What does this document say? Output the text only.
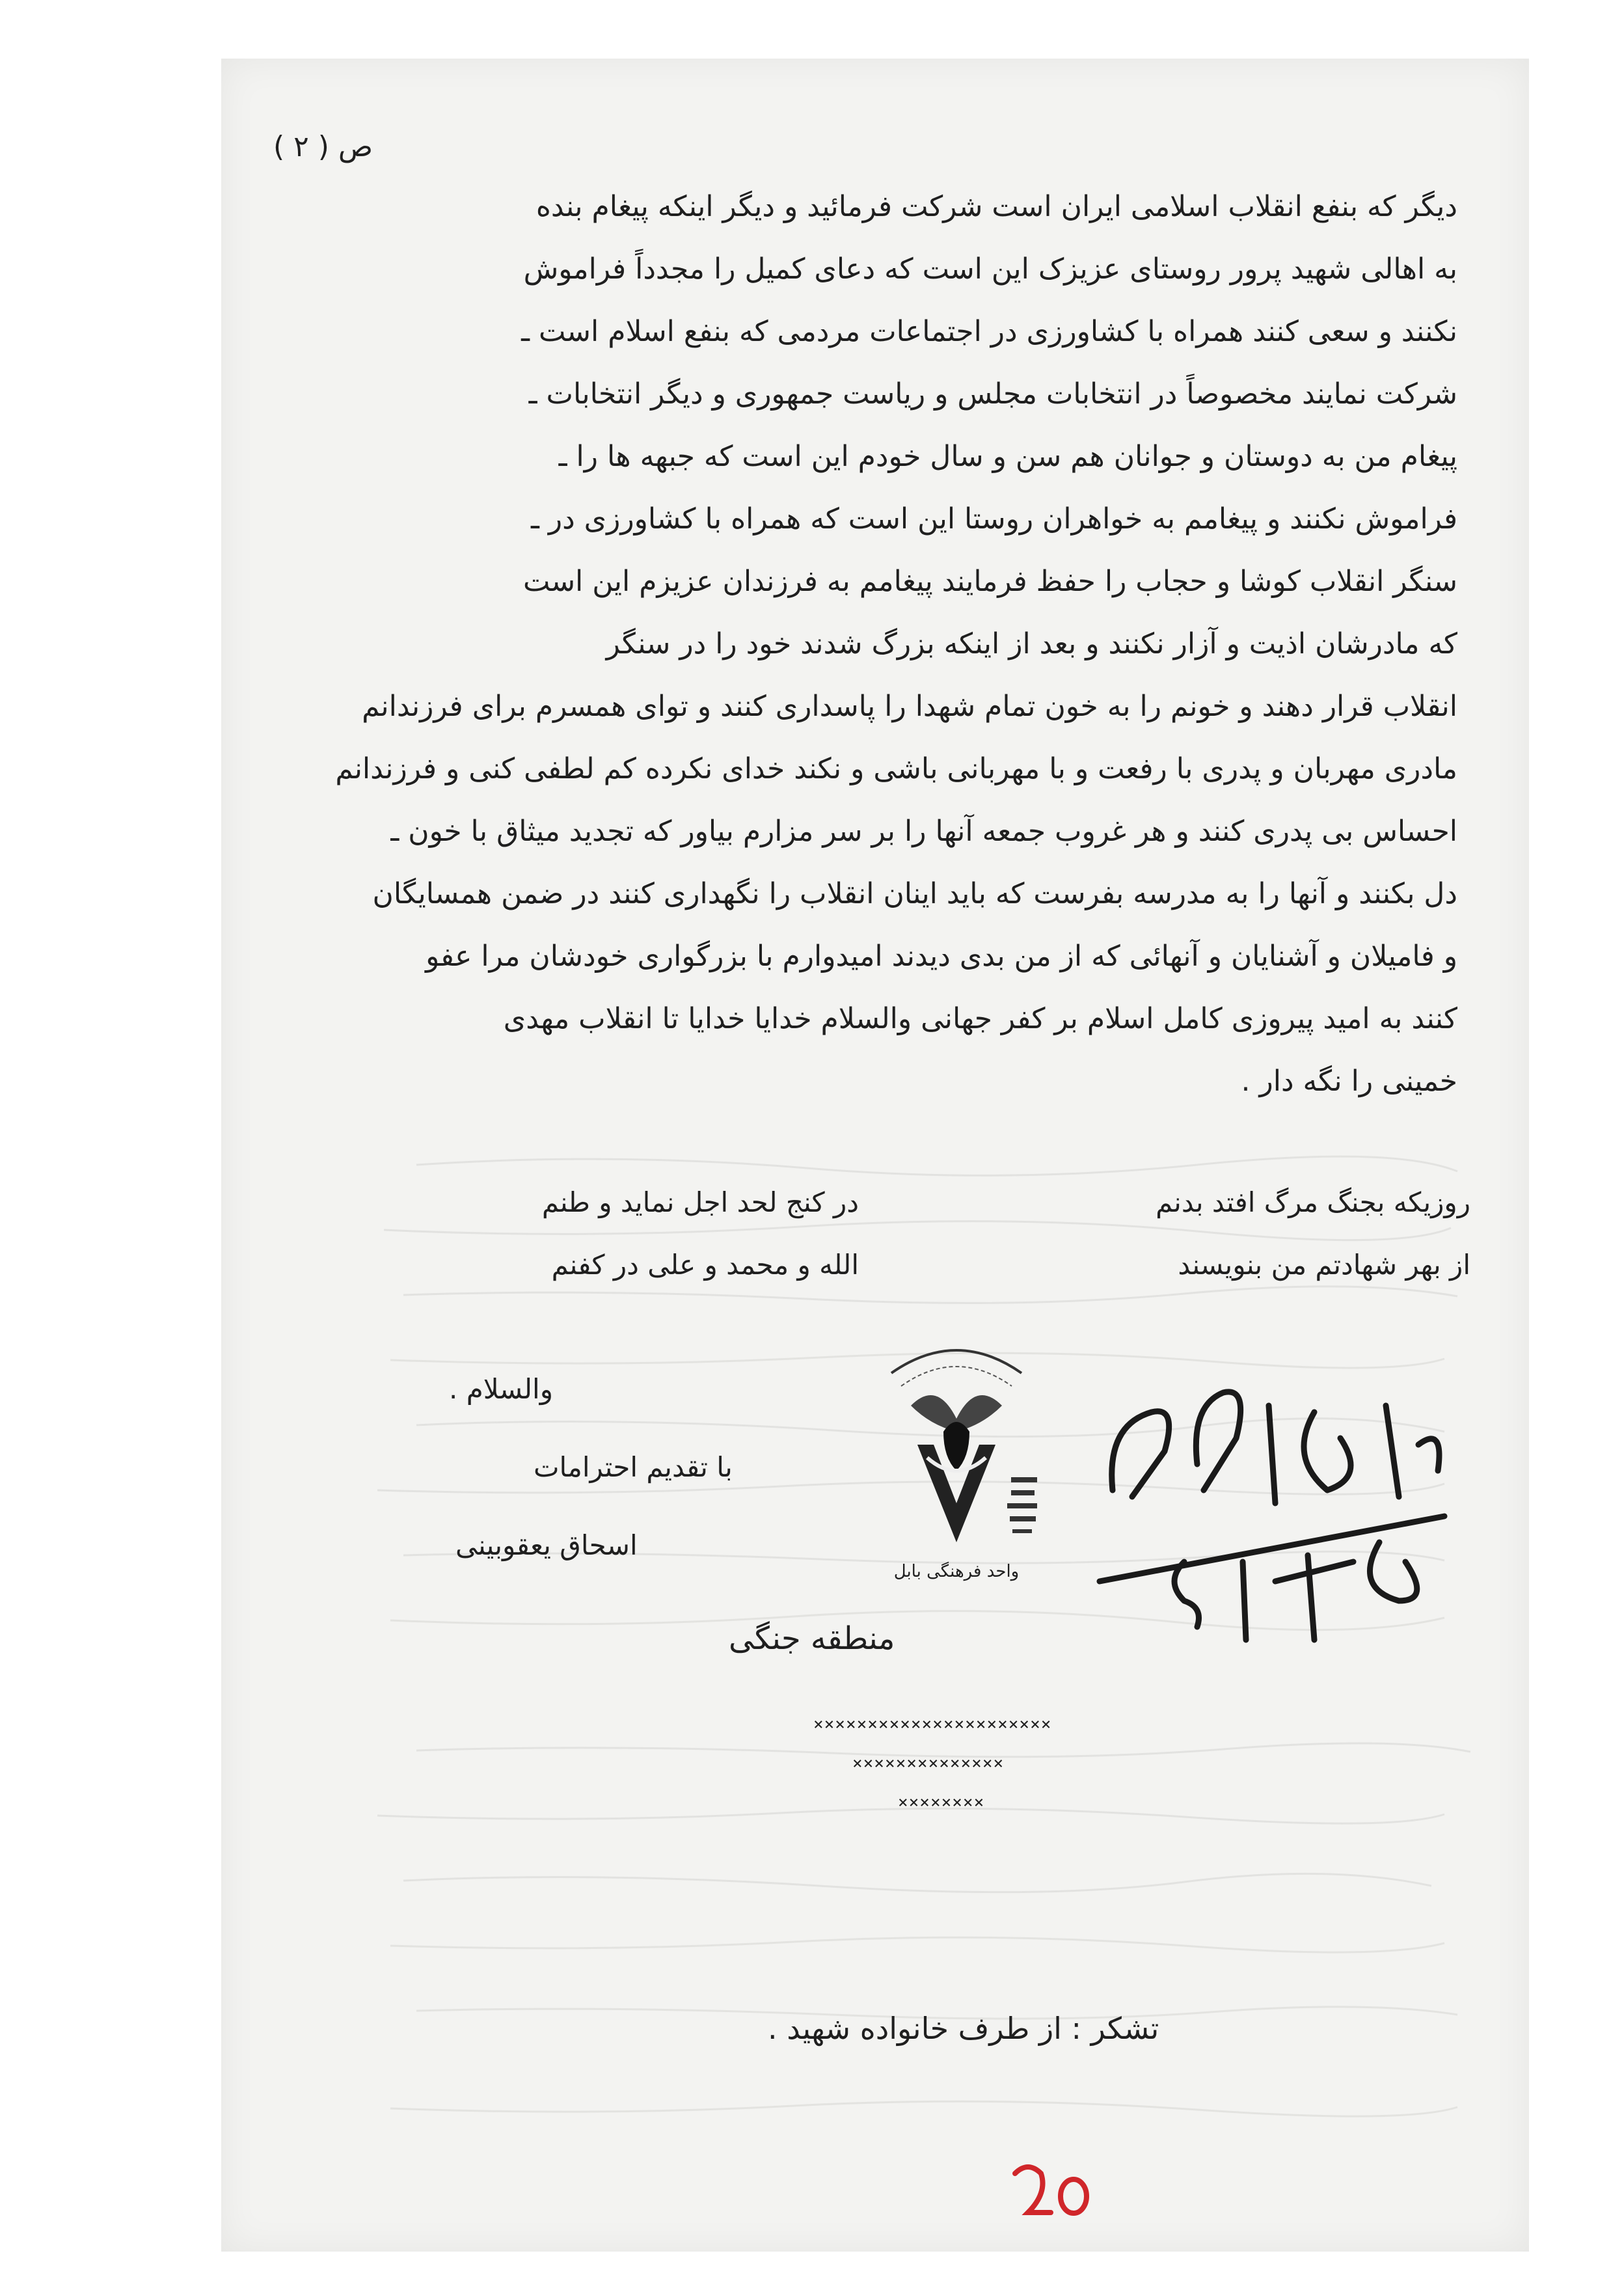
ص ( ۲ )
دیگر که بنفع انقلاب اسلامی ایران است شرکت فرمائید و دیگر اینکه پیغام بنده
به اهالی شهید پرور روستای عزیزک این است که دعای کمیل را مجدداً فراموش
نکنند و سعی کنند همراه با کشاورزی در اجتماعات مردمی که بنفع اسلام است ـ
شرکت نمایند مخصوصاً در انتخابات مجلس و ریاست جمهوری و دیگر انتخابات ـ
پیغام من به دوستان و جوانان هم سن و سال خودم این است که جبهه ها را ـ
فراموش نکنند و پیغامم به خواهران روستا این است که همراه با کشاورزی در ـ
سنگر انقلاب کوشا و حجاب را حفظ فرمایند پیغامم به فرزندان عزیزم این است
که مادرشان اذیت و آزار نکنند و بعد از اینکه بزرگ شدند خود را در سنگر
انقلاب قرار دهند و خونم را به خون تمام شهدا را پاسداری کنند و توای همسرم برای فرزندانم
مادری مهربان و پدری با رفعت و با مهربانی باشی و نکند خدای نکرده کم لطفی کنی و فرزندانم
احساس بی پدری کنند و هر غروب جمعه آنها را بر سر مزارم بیاور که تجدید میثاق با خون ـ
دل بکنند و آنها را به مدرسه بفرست که باید اینان انقلاب را نگهداری کنند در ضمن همسایگان
و فامیلان و آشنایان و آنهائی که از من بدی دیدند امیدوارم با بزرگواری خودشان مرا عفو
کنند به امید پیروزی کامل اسلام بر کفر جهانی والسلام خدایا خدایا تا انقلاب مهدی
خمینی را نگه دار .
روزیکه بجنگ مرگ افتد بدنم
از بهر شهادتم من بنویسند
در کنج لحد اجل نماید و طنم
الله و محمد و علی در کفنم
والسلام .
با تقدیم احترامات
اسحاق یعقوبینی
واحد فرهنگی بابل
منطقه جنگی
××××××××××××××××××××××
××××××××××××××
××××××××
تشکر : از طرف خانواده شهید .
